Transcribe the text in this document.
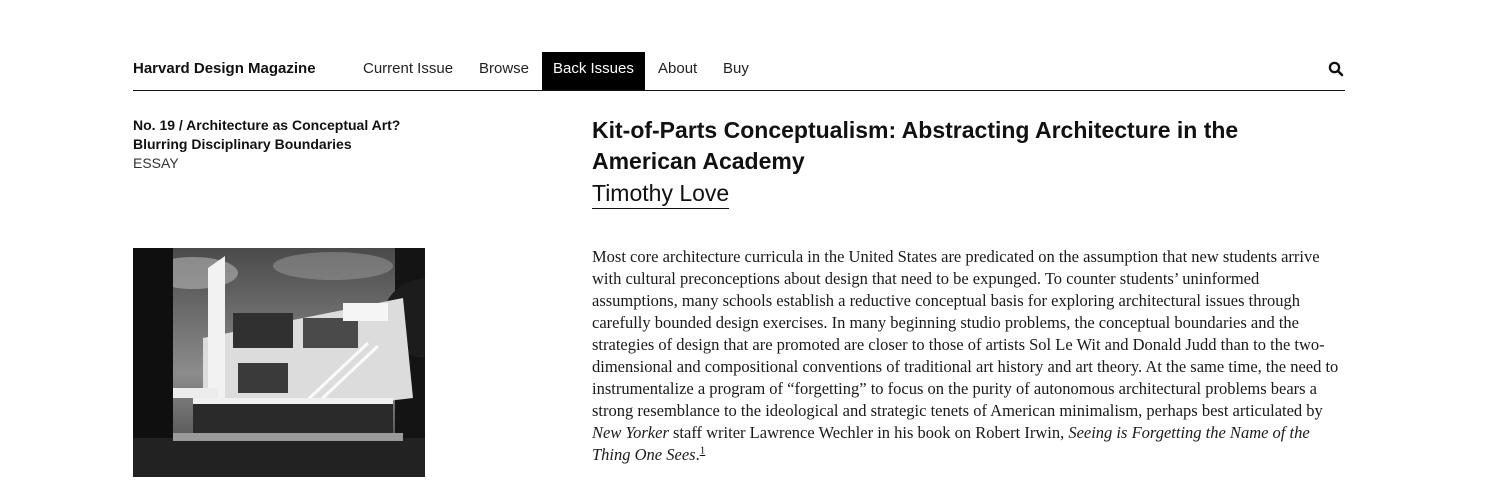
Harvard Design Magazine	Current Issue Browse	Back Issues	About Buy
No. 19 / Architecture as Conceptual Art? Blurring Disciplinary Boundaries
ESSAY
Kit-of-Parts Conceptualism: Abstracting Architecture in the American Academy
Timothy Love

Most core architecture curricula in the United States are predicated on the assumption that new students arrive with cultural preconceptions about design that need to be expunged. To counter students’ uninformed assumptions, many schools establish a reductive conceptual basis for exploring architectural issues through carefully bounded design exercises. In many beginning studio problems, the conceptual boundaries and the strategies of design that are promoted are closer to those of artists Sol Le Wit and Donald Judd than to the two-dimensional and compositional conventions of traditional art history and art theory. At the same time, the need to instrumentalize a program of “forgetting” to focus on the purity of autonomous architectural problems bears a strong resemblance to the ideological and strategic tenets of American minimalism, perhaps best articulated by New Yorker staff writer Lawrence Wechler in his book on Robert Irwin, Seeing is Forgetting the Name of the Thing One Sees.$^1$
